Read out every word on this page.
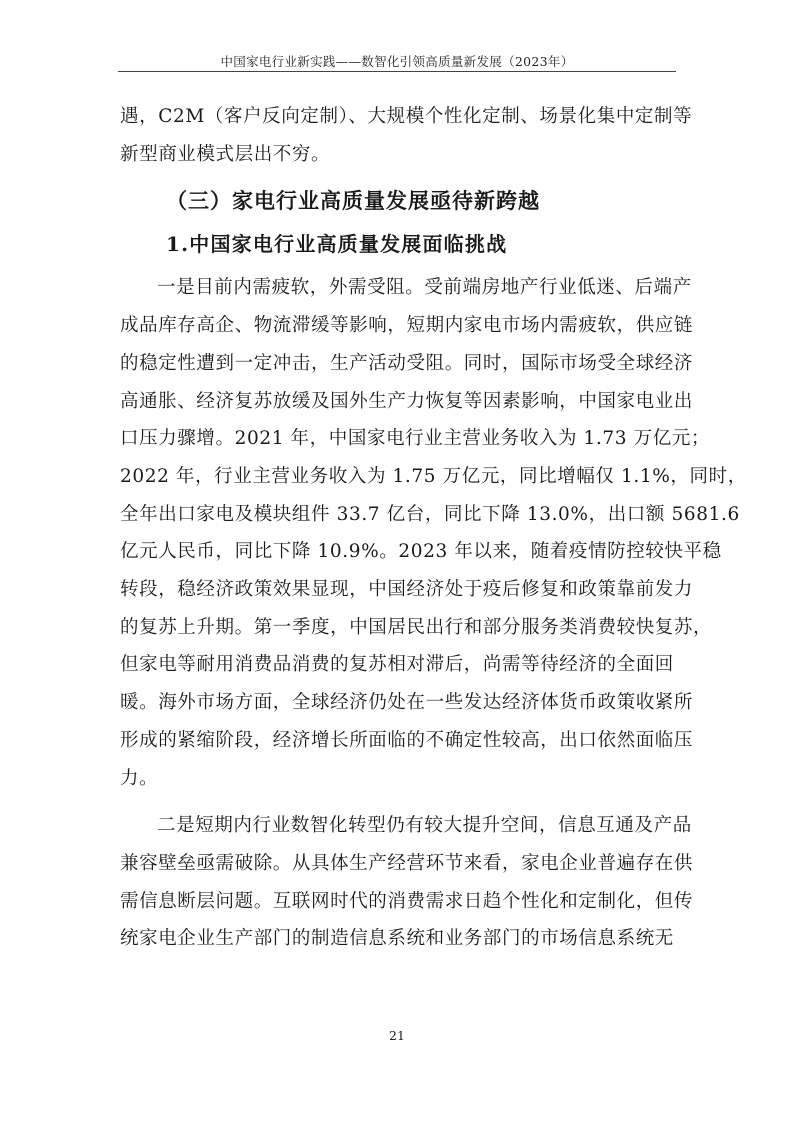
中国家电行业新实践——数智化引领高质量新发展（2023年）

遇，C2M（客户反向定制）、大规模个性化定制、场景化集中定制等
新型商业模式层出不穷。

（三）家电行业高质量发展亟待新跨越
1.中国家电行业高质量发展面临挑战

一是目前内需疲软，外需受阻。受前端房地产行业低迷、后端产
成品库存高企、物流滞缓等影响，短期内家电市场内需疲软，供应链
的稳定性遭到一定冲击，生产活动受阻。同时，国际市场受全球经济
高通胀、经济复苏放缓及国外生产力恢复等因素影响，中国家电业出
口压力骤增。2021 年，中国家电行业主营业务收入为 1.73 万亿元；
2022 年，行业主营业务收入为 1.75 万亿元，同比增幅仅 1.1%，同时，
全年出口家电及模块组件 33.7 亿台，同比下降 13.0%，出口额 5681.6
亿元人民币，同比下降 10.9%。2023 年以来，随着疫情防控较快平稳
转段，稳经济政策效果显现，中国经济处于疫后修复和政策靠前发力
的复苏上升期。第一季度，中国居民出行和部分服务类消费较快复苏，
但家电等耐用消费品消费的复苏相对滞后，尚需等待经济的全面回
暖。海外市场方面，全球经济仍处在一些发达经济体货币政策收紧所
形成的紧缩阶段，经济增长所面临的不确定性较高，出口依然面临压
力。

二是短期内行业数智化转型仍有较大提升空间，信息互通及产品
兼容壁垒亟需破除。从具体生产经营环节来看，家电企业普遍存在供
需信息断层问题。互联网时代的消费需求日趋个性化和定制化，但传
统家电企业生产部门的制造信息系统和业务部门的市场信息系统无

21
